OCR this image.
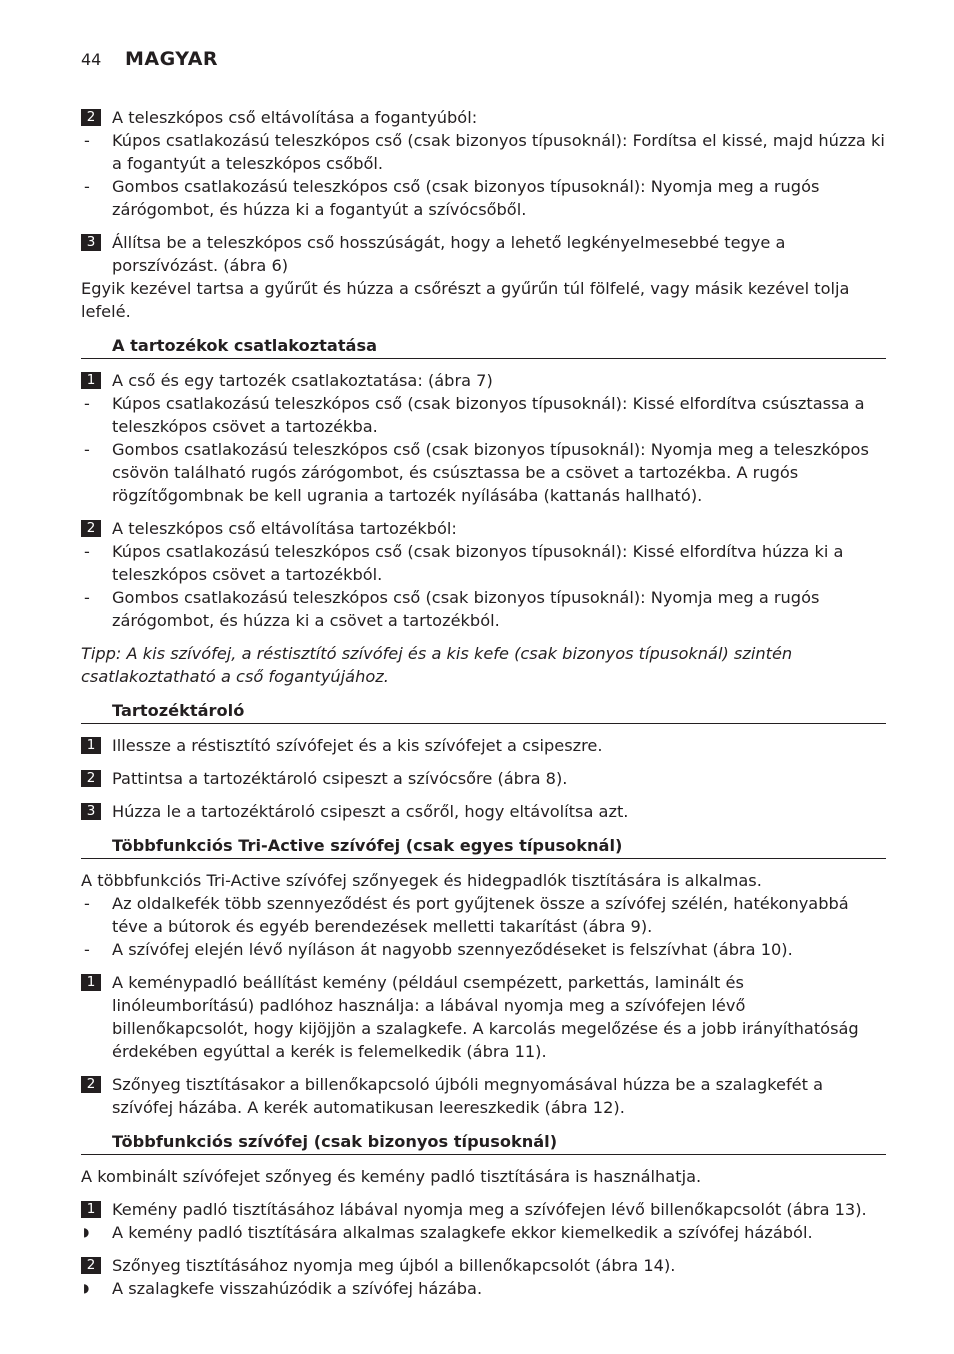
44 MAGYAR
2	A teleszkópos cső eltávolítása a fogantyúból:
- Kúpos csatlakozású teleszkópos cső (csak bizonyos típusoknál): Fordítsa el kissé, majd húzza ki a fogantyút a teleszkópos csőből.
- Gombos csatlakozású teleszkópos cső (csak bizonyos típusoknál): Nyomja meg a rugós zárógombot, és húzza ki a fogantyút a szívócsőből.
3	Állítsa be a teleszkópos cső hosszúságát, hogy a lehető legkényelmesebbé tegye a porszívózást. (ábra 6)
Egyik kezével tartsa a gyűrűt és húzza a csőrészt a gyűrűn túl fölfelé, vagy másik kezével tolja lefelé.
A tartozékok csatlakoztatása
1	A cső és egy tartozék csatlakoztatása: (ábra 7)
- Kúpos csatlakozású teleszkópos cső (csak bizonyos típusoknál): Kissé elfordítva csúsztassa a teleszkópos csövet a tartozékba.
- Gombos csatlakozású teleszkópos cső (csak bizonyos típusoknál): Nyomja meg a teleszkópos csövön található rugós zárógombot, és csúsztassa be a csövet a tartozékba. A rugós rögzítőgombnak be kell ugrania a tartozék nyílásába (kattanás hallható).
2	A teleszkópos cső eltávolítása tartozékból:
- Kúpos csatlakozású teleszkópos cső (csak bizonyos típusoknál): Kissé elfordítva húzza ki a teleszkópos csövet a tartozékból.
- Gombos csatlakozású teleszkópos cső (csak bizonyos típusoknál): Nyomja meg a rugós zárógombot, és húzza ki a csövet a tartozékból.
Tipp: A kis szívófej, a réstisztító szívófej és a kis kefe (csak bizonyos típusoknál) szintén csatlakoztatható a cső fogantyújához.
Tartozéktároló
1	Illessze a réstisztító szívófejet és a kis szívófejet a csipeszre.
2	Pattintsa a tartozéktároló csipeszt a szívócsőre (ábra 8).
3	Húzza le a tartozéktároló csipeszt a csőről, hogy eltávolítsa azt.
Többfunkciós Tri-Active szívófej (csak egyes típusoknál)
A többfunkciós Tri-Active szívófej szőnyegek és hidegpadlók tisztítására is alkalmas.
- Az oldalkefék több szennyeződést és port gyűjtenek össze a szívófej szélén, hatékonyabbá téve a bútorok és egyéb berendezések melletti takarítást (ábra 9).
- A szívófej elején lévő nyíláson át nagyobb szennyeződéseket is felszívhat (ábra 10).
1	A keménypadló beállítást kemény (például csempézett, parkettás, laminált és linóleumborítású) padlóhoz használja: a lábával nyomja meg a szívófejen lévő billenőkapcsolót, hogy kijöjjön a szalagkefe. A karcolás megelőzése és a jobb irányíthatóság érdekében egyúttal a kerék is felemelkedik (ábra 11).
2	Szőnyeg tisztításakor a billenőkapcsoló újbóli megnyomásával húzza be a szalagkefét a szívófej házába. A kerék automatikusan leereszkedik (ábra 12).
Többfunkciós szívófej (csak bizonyos típusoknál)
A kombinált szívófejet szőnyeg és kemény padló tisztítására is használhatja.
1	Kemény padló tisztításához lábával nyomja meg a szívófejen lévő billenőkapcsolót (ábra 13).
◗ A kemény padló tisztítására alkalmas szalagkefe ekkor kiemelkedik a szívófej házából.
2	Szőnyeg tisztításához nyomja meg újból a billenőkapcsolót (ábra 14).
◗ A szalagkefe visszahúzódik a szívófej házába.
